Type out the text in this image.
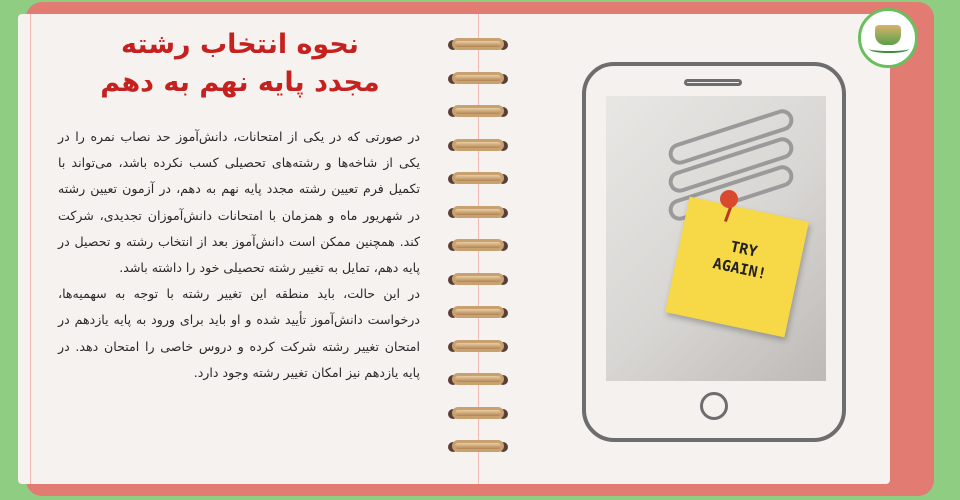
نحوه انتخاب رشته
مجدد پایه نهم به دهم

در صورتی که در یکی از امتحانات، دانش‌آموز حد نصاب نمره را در یکی از شاخه‌ها و رشته‌های تحصیلی کسب نکرده باشد، می‌تواند با تکمیل فرم تعیین رشته مجدد پایه نهم به دهم، در آزمون تعیین رشته در شهریور ماه و همزمان با امتحانات دانش‌آموزان تجدیدی، شرکت کند. همچنین ممکن است دانش‌آموز بعد از انتخاب رشته و تحصیل در پایه دهم، تمایل به تغییر رشته تحصیلی خود را داشته باشد.

در این حالت، باید منطقه این تغییر رشته با توجه به سهمیه‌ها، درخواست دانش‌آموز تأیید شده و او باید برای ورود به پایه یازدهم در امتحان تغییر رشته شرکت کرده و دروس خاصی را امتحان دهد. در پایه یازدهم نیز امکان تغییر رشته وجود دارد.

TRY
AGAIN!
